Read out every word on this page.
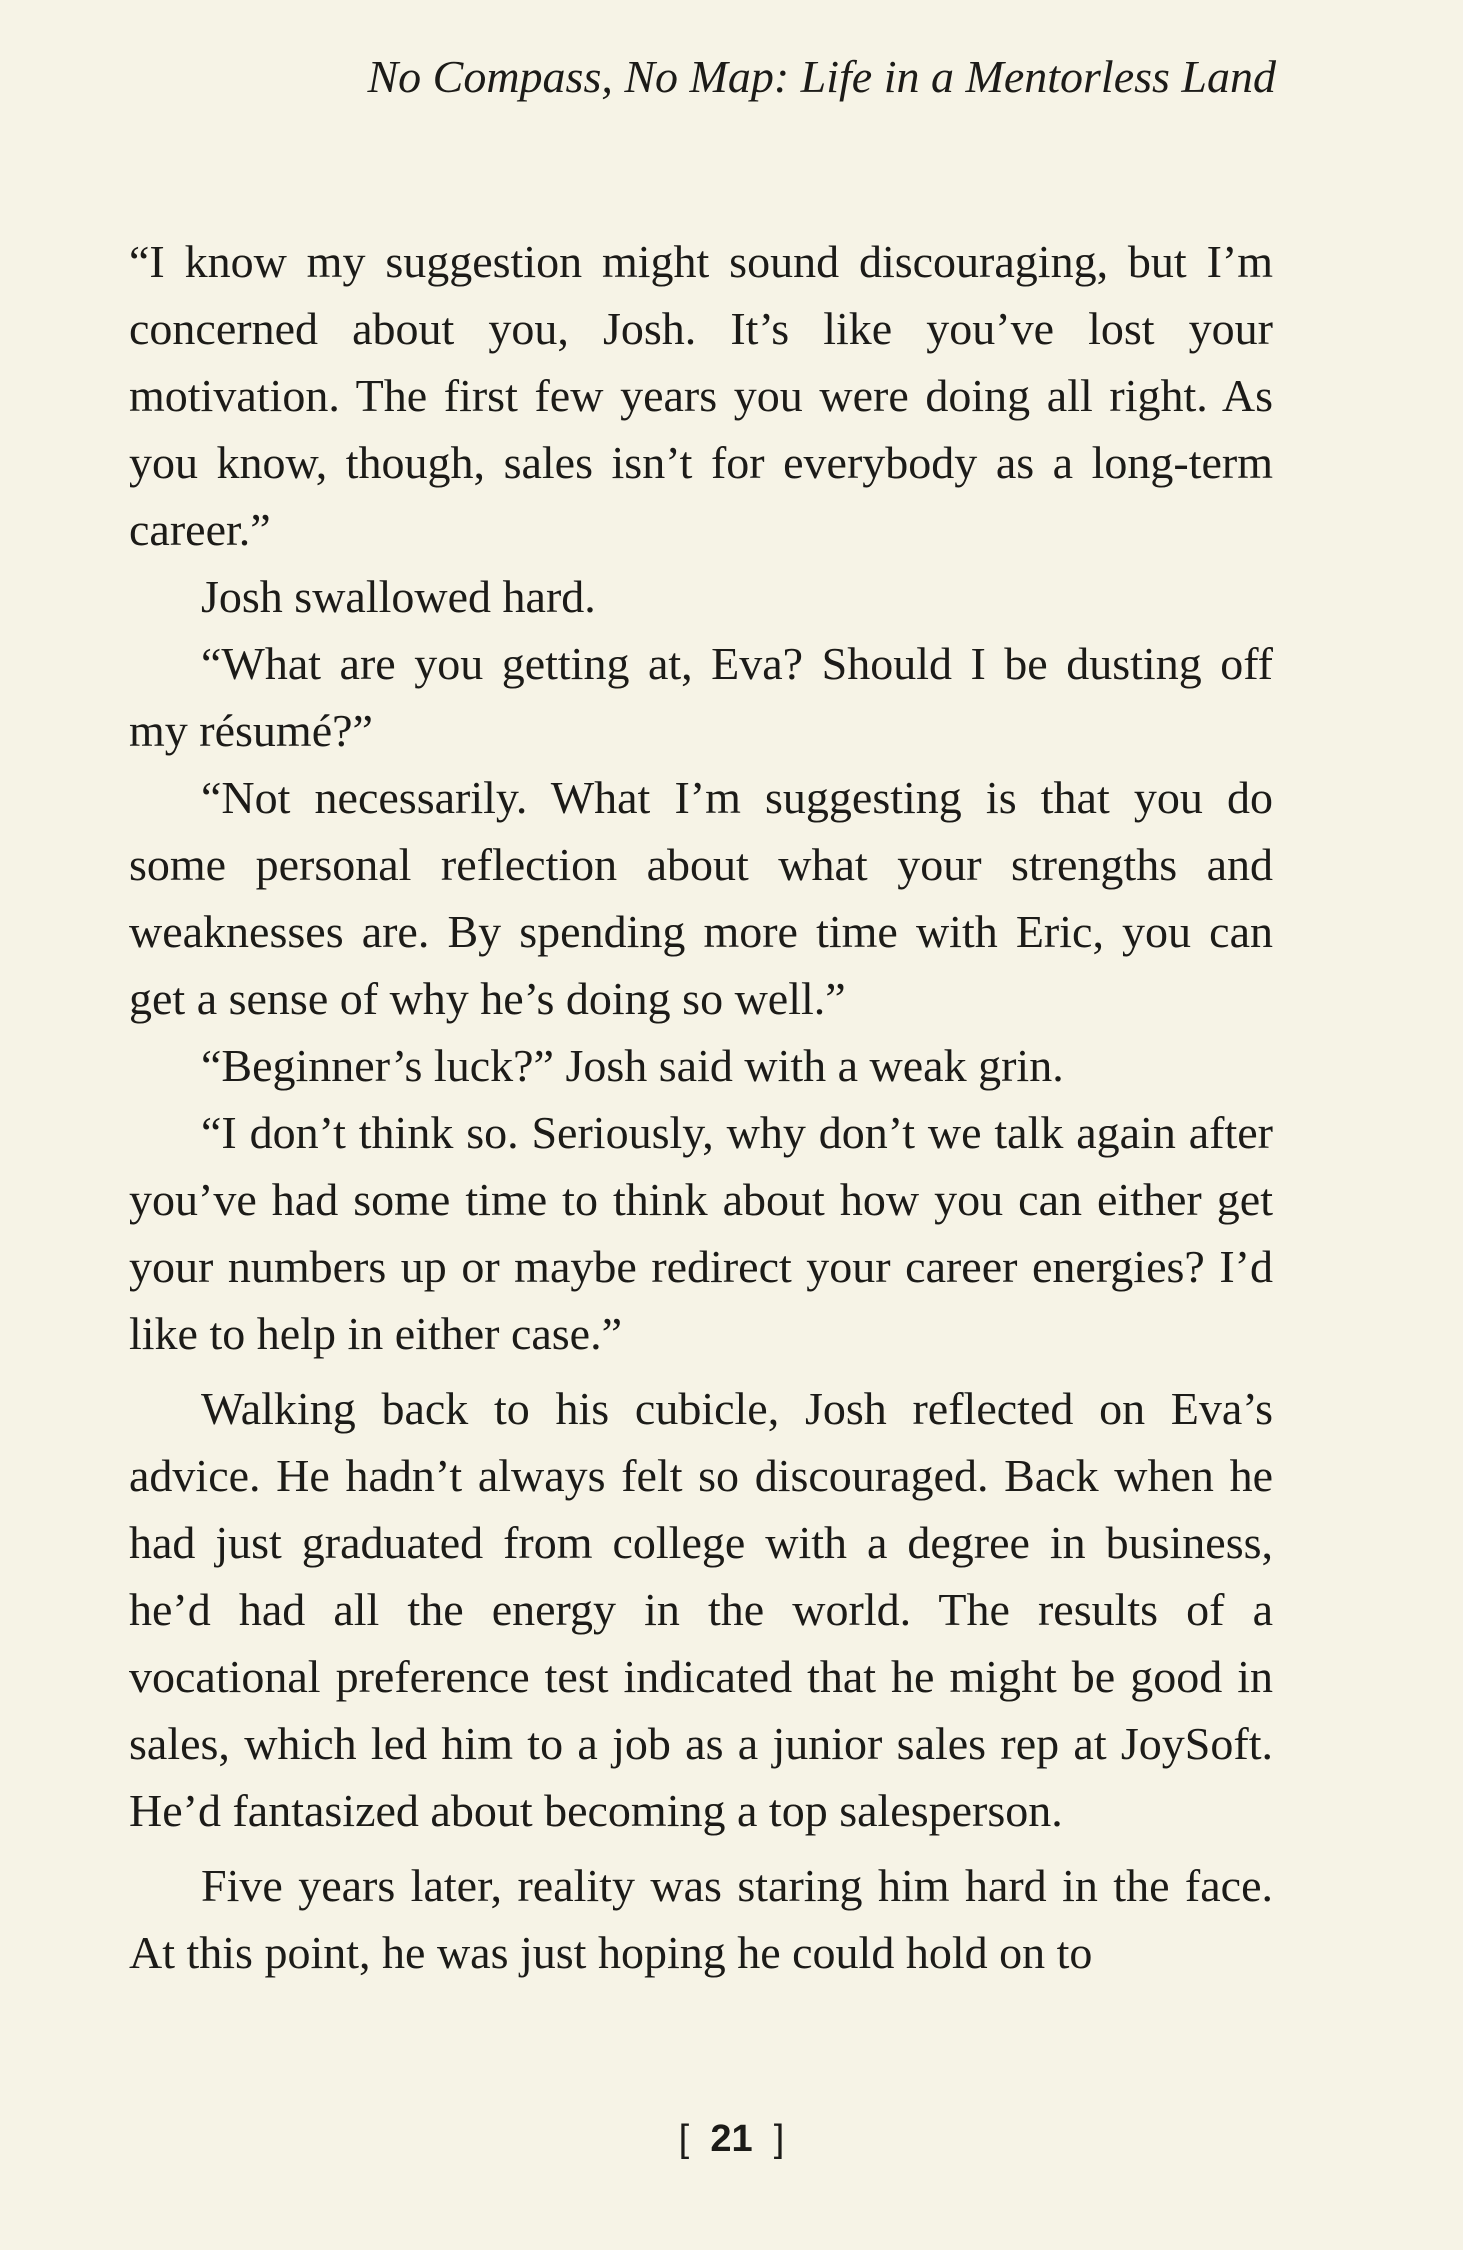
No Compass, No Map: Life in a Mentorless Land

“I know my suggestion might sound discouraging, but I’m concerned about you, Josh. It’s like you’ve lost your motivation. The first few years you were doing all right. As you know, though, sales isn’t for everybody as a long-term career.”

Josh swallowed hard.

“What are you getting at, Eva? Should I be dusting off my résumé?”

“Not necessarily. What I’m suggesting is that you do some personal reflection about what your strengths and weaknesses are. By spending more time with Eric, you can get a sense of why he’s doing so well.”

“Beginner’s luck?” Josh said with a weak grin.

“I don’t think so. Seriously, why don’t we talk again after you’ve had some time to think about how you can either get your numbers up or maybe redirect your career energies? I’d like to help in either case.”

Walking back to his cubicle, Josh reflected on Eva’s advice. He hadn’t always felt so discouraged. Back when he had just graduated from college with a degree in business, he’d had all the energy in the world. The results of a vocational preference test indicated that he might be good in sales, which led him to a job as a junior sales rep at JoySoft. He’d fantasized about becoming a top salesperson.

Five years later, reality was staring him hard in the face. At this point, he was just hoping he could hold on to

[ 21 ]
